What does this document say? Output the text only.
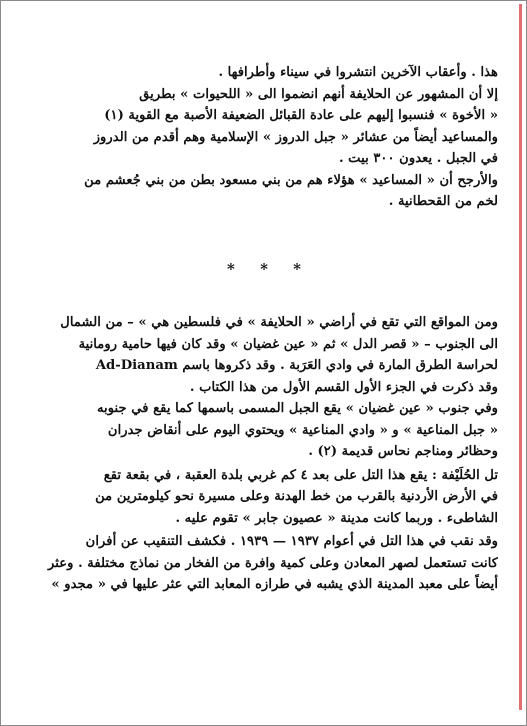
هذا . وأعقاب الآخرين انتشروا في سيناء وأطرافها .
إلا أن المشهور عن الحلايفة أنهم انضموا الى « اللحيوات » بطريق
« الأخوة » فنسبوا إليهم على عادة القبائل الضعيفة الأصبة مع القوية (١)
والمساعيد أيضاً من عشائر « جبل الدروز » الإسلامية وهم أقدم من الدروز
في الجبل . يعدون ٣٠٠ بيت .
والأرجح أن « المساعيد » هؤلاء هم من بني مسعود بطن من بني جُعشم من
لخم من القحطانية .

* * *

ومن المواقع التي تقع في أراضي « الحلايفة » في فلسطين هي » – من الشمال
الى الجنوب – « قصر الدل » ثم « عين غضيان » وقد كان فيها حامية رومانية
لحراسة الطرق المارة في وادي العَرَبة . وقد ذكروها باسم Ad-Dianam
وقد ذكرت في الجزء الأول القسم الأول من هذا الكتاب .

وفي جنوب « عين غضيان » يقع الجبل المسمى باسمها كما يقع في جنوبه
« جبل المناعية » و « وادي المناعية » ويحتوي اليوم على أنقاض جدران
وحظائر ومناجم نحاس قديمة (٢) .

تل الحُلَيْفة : يقع هذا التل على بعد ٤ كم غربي بلدة العقبة ، في بقعة تقع
في الأرض الأردنية بالقرب من خط الهدنة وعلى مسيرة نحو كيلومترين من
الشاطىء . وربما كانت مدينة « عصيون جابر » تقوم عليه .

وقد نقب في هذا التل في أعوام ١٩٣٧ — ١٩٣٩ . فكشف التنقيب عن أفران
كانت تستعمل لصهر المعادن وعلى كمية وافرة من الفخار من نماذج مختلفة . وعثر
أيضاً على معبد المدينة الذي يشبه في طرازه المعابد التي عثر عليها في « مجدو »
